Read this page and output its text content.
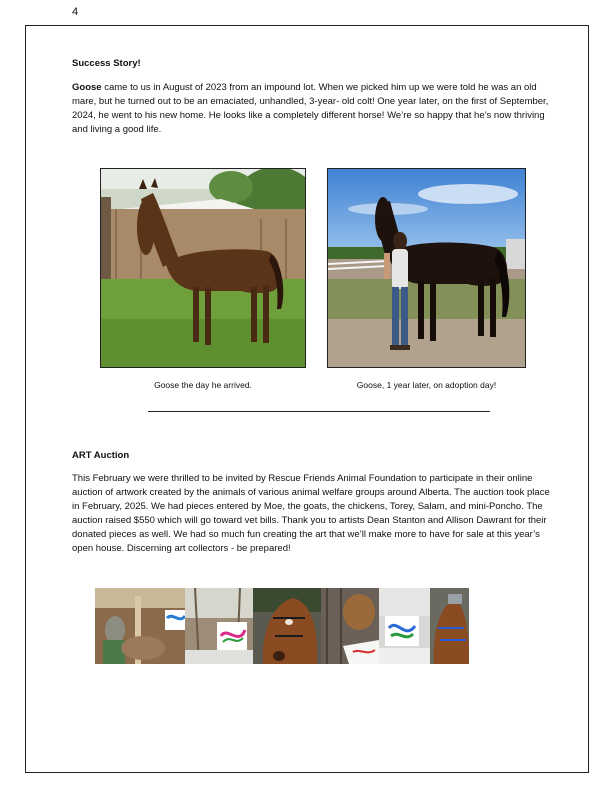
4
Success Story!

Goose came to us in August of 2023 from an impound lot. When we picked him up we were told he was an old mare, but he turned out to be an emaciated, unhandled, 3-year- old colt! One year later, on the first of September, 2024, he went to his new home. He looks like a completely different horse! We’re so happy that he’s now thriving and living a good life.

Goose the day he arrived.	Goose, 1 year later, on adoption day!
ART Auction

This February we were thrilled to be invited by Rescue Friends Animal Foundation to participate in their online auction of artwork created by the animals of various animal welfare groups around Alberta. The auction took place in February, 2025. We had pieces entered by Moe, the goats, the chickens, Torey, Salam, and mini-Poncho. The auction raised $550 which will go toward vet bills. Thank you to artists Dean Stanton and Allison Dawrant for their donated pieces as well. We had so much fun creating the art that we’ll make more to have for sale at this year’s open house. Discerning art collectors - be prepared!
